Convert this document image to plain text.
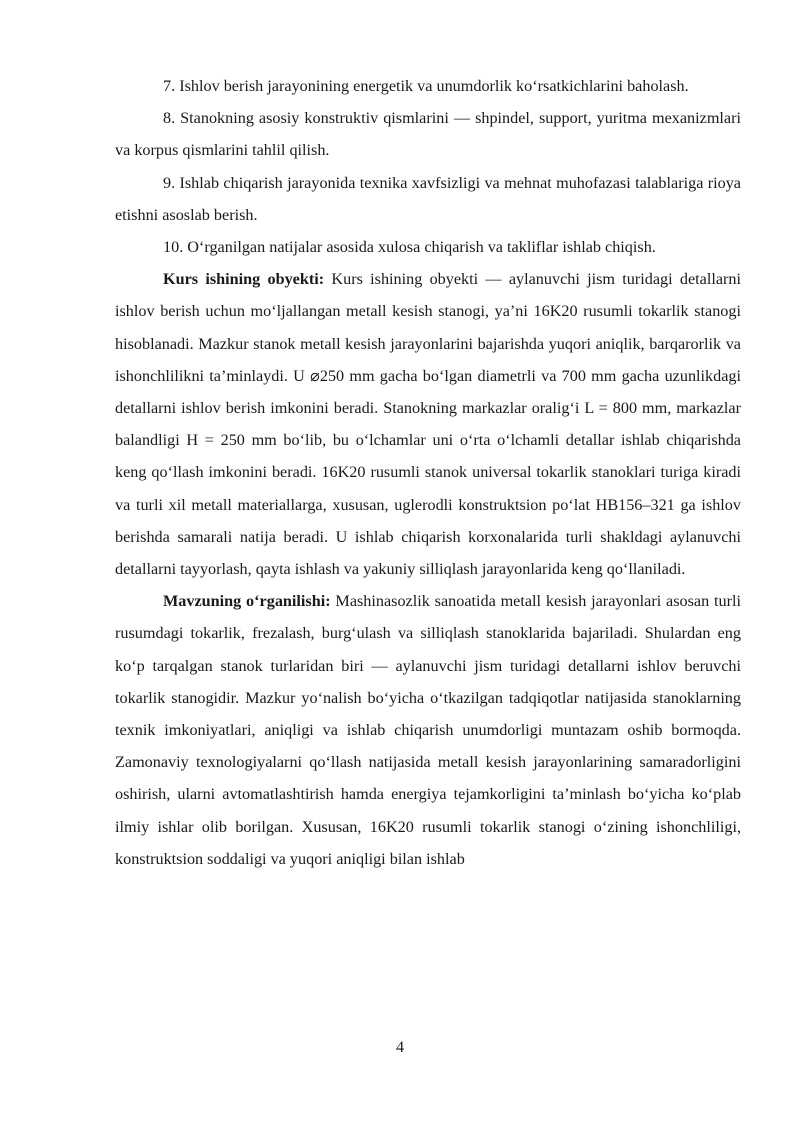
7. Ishlov berish jarayonining energetik va unumdorlik ko‘rsatkichlarini baholash.

8. Stanokning asosiy konstruktiv qismlarini — shpindel, support, yuritma mexanizmlari va korpus qismlarini tahlil qilish.

9. Ishlab chiqarish jarayonida texnika xavfsizligi va mehnat muhofazasi talablariga rioya etishni asoslab berish.

10. O‘rganilgan natijalar asosida xulosa chiqarish va takliflar ishlab chiqish.

Kurs ishining obyekti: Kurs ishining obyekti — aylanuvchi jism turidagi detallarni ishlov berish uchun mo‘ljallangan metall kesish stanogi, ya’ni 16K20 rusumli tokarlik stanogi hisoblanadi. Mazkur stanok metall kesish jarayonlarini bajarishda yuqori aniqlik, barqarorlik va ishonchlilikni ta’minlaydi. U ⌀250 mm gacha bo‘lgan diametrli va 700 mm gacha uzunlikdagi detallarni ishlov berish imkonini beradi. Stanokning markazlar oralig‘i L = 800 mm, markazlar balandligi H = 250 mm bo‘lib, bu o‘lchamlar uni o‘rta o‘lchamli detallar ishlab chiqarishda keng qo‘llash imkonini beradi. 16K20 rusumli stanok universal tokarlik stanoklari turiga kiradi va turli xil metall materiallarga, xususan, uglerodli konstruktsion po‘lat HB156–321 ga ishlov berishda samarali natija beradi. U ishlab chiqarish korxonalarida turli shakldagi aylanuvchi detallarni tayyorlash, qayta ishlash va yakuniy silliqlash jarayonlarida keng qo‘llaniladi.

Mavzuning o‘rganilishi: Mashinasozlik sanoatida metall kesish jarayonlari asosan turli rusumdagi tokarlik, frezalash, burg‘ulash va silliqlash stanoklarida bajariladi. Shulardan eng ko‘p tarqalgan stanok turlaridan biri — aylanuvchi jism turidagi detallarni ishlov beruvchi tokarlik stanogidir. Mazkur yo‘nalish bo‘yicha o‘tkazilgan tadqiqotlar natijasida stanoklarning texnik imkoniyatlari, aniqligi va ishlab chiqarish unumdorligi muntazam oshib bormoqda. Zamonaviy texnologiyalarni qo‘llash natijasida metall kesish jarayonlarining samaradorligini oshirish, ularni avtomatlashtirish hamda energiya tejamkorligini ta’minlash bo‘yicha ko‘plab ilmiy ishlar olib borilgan. Xususan, 16K20 rusumli tokarlik stanogi o‘zining ishonchliligi, konstruktsion soddaligi va yuqori aniqligi bilan ishlab

4
